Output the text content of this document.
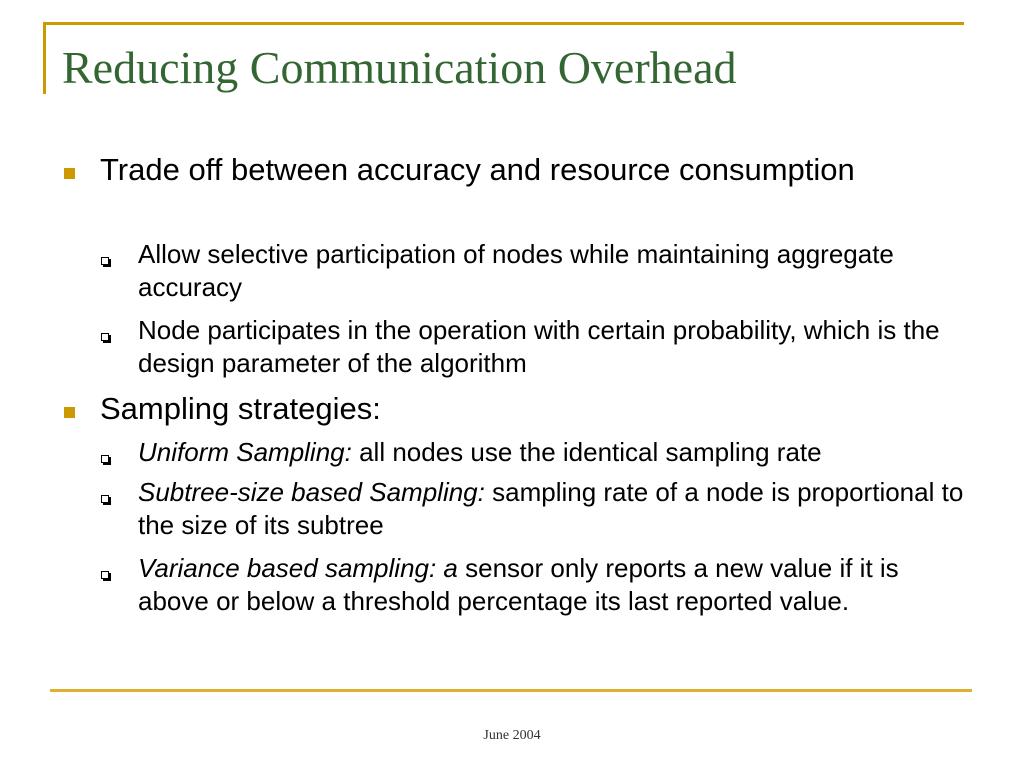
Reducing Communication Overhead
Trade off between accuracy and resource consumption
Allow selective participation of nodes while maintaining aggregate accuracy
Node participates in the operation with certain probability, which is the design parameter of the algorithm
Sampling strategies:
Uniform Sampling: all nodes use the identical sampling rate
Subtree-size based Sampling: sampling rate of a node is proportional to the size of its subtree
Variance based sampling: a sensor only reports a new value if it is above or below a threshold percentage its last reported value.
June 2004
